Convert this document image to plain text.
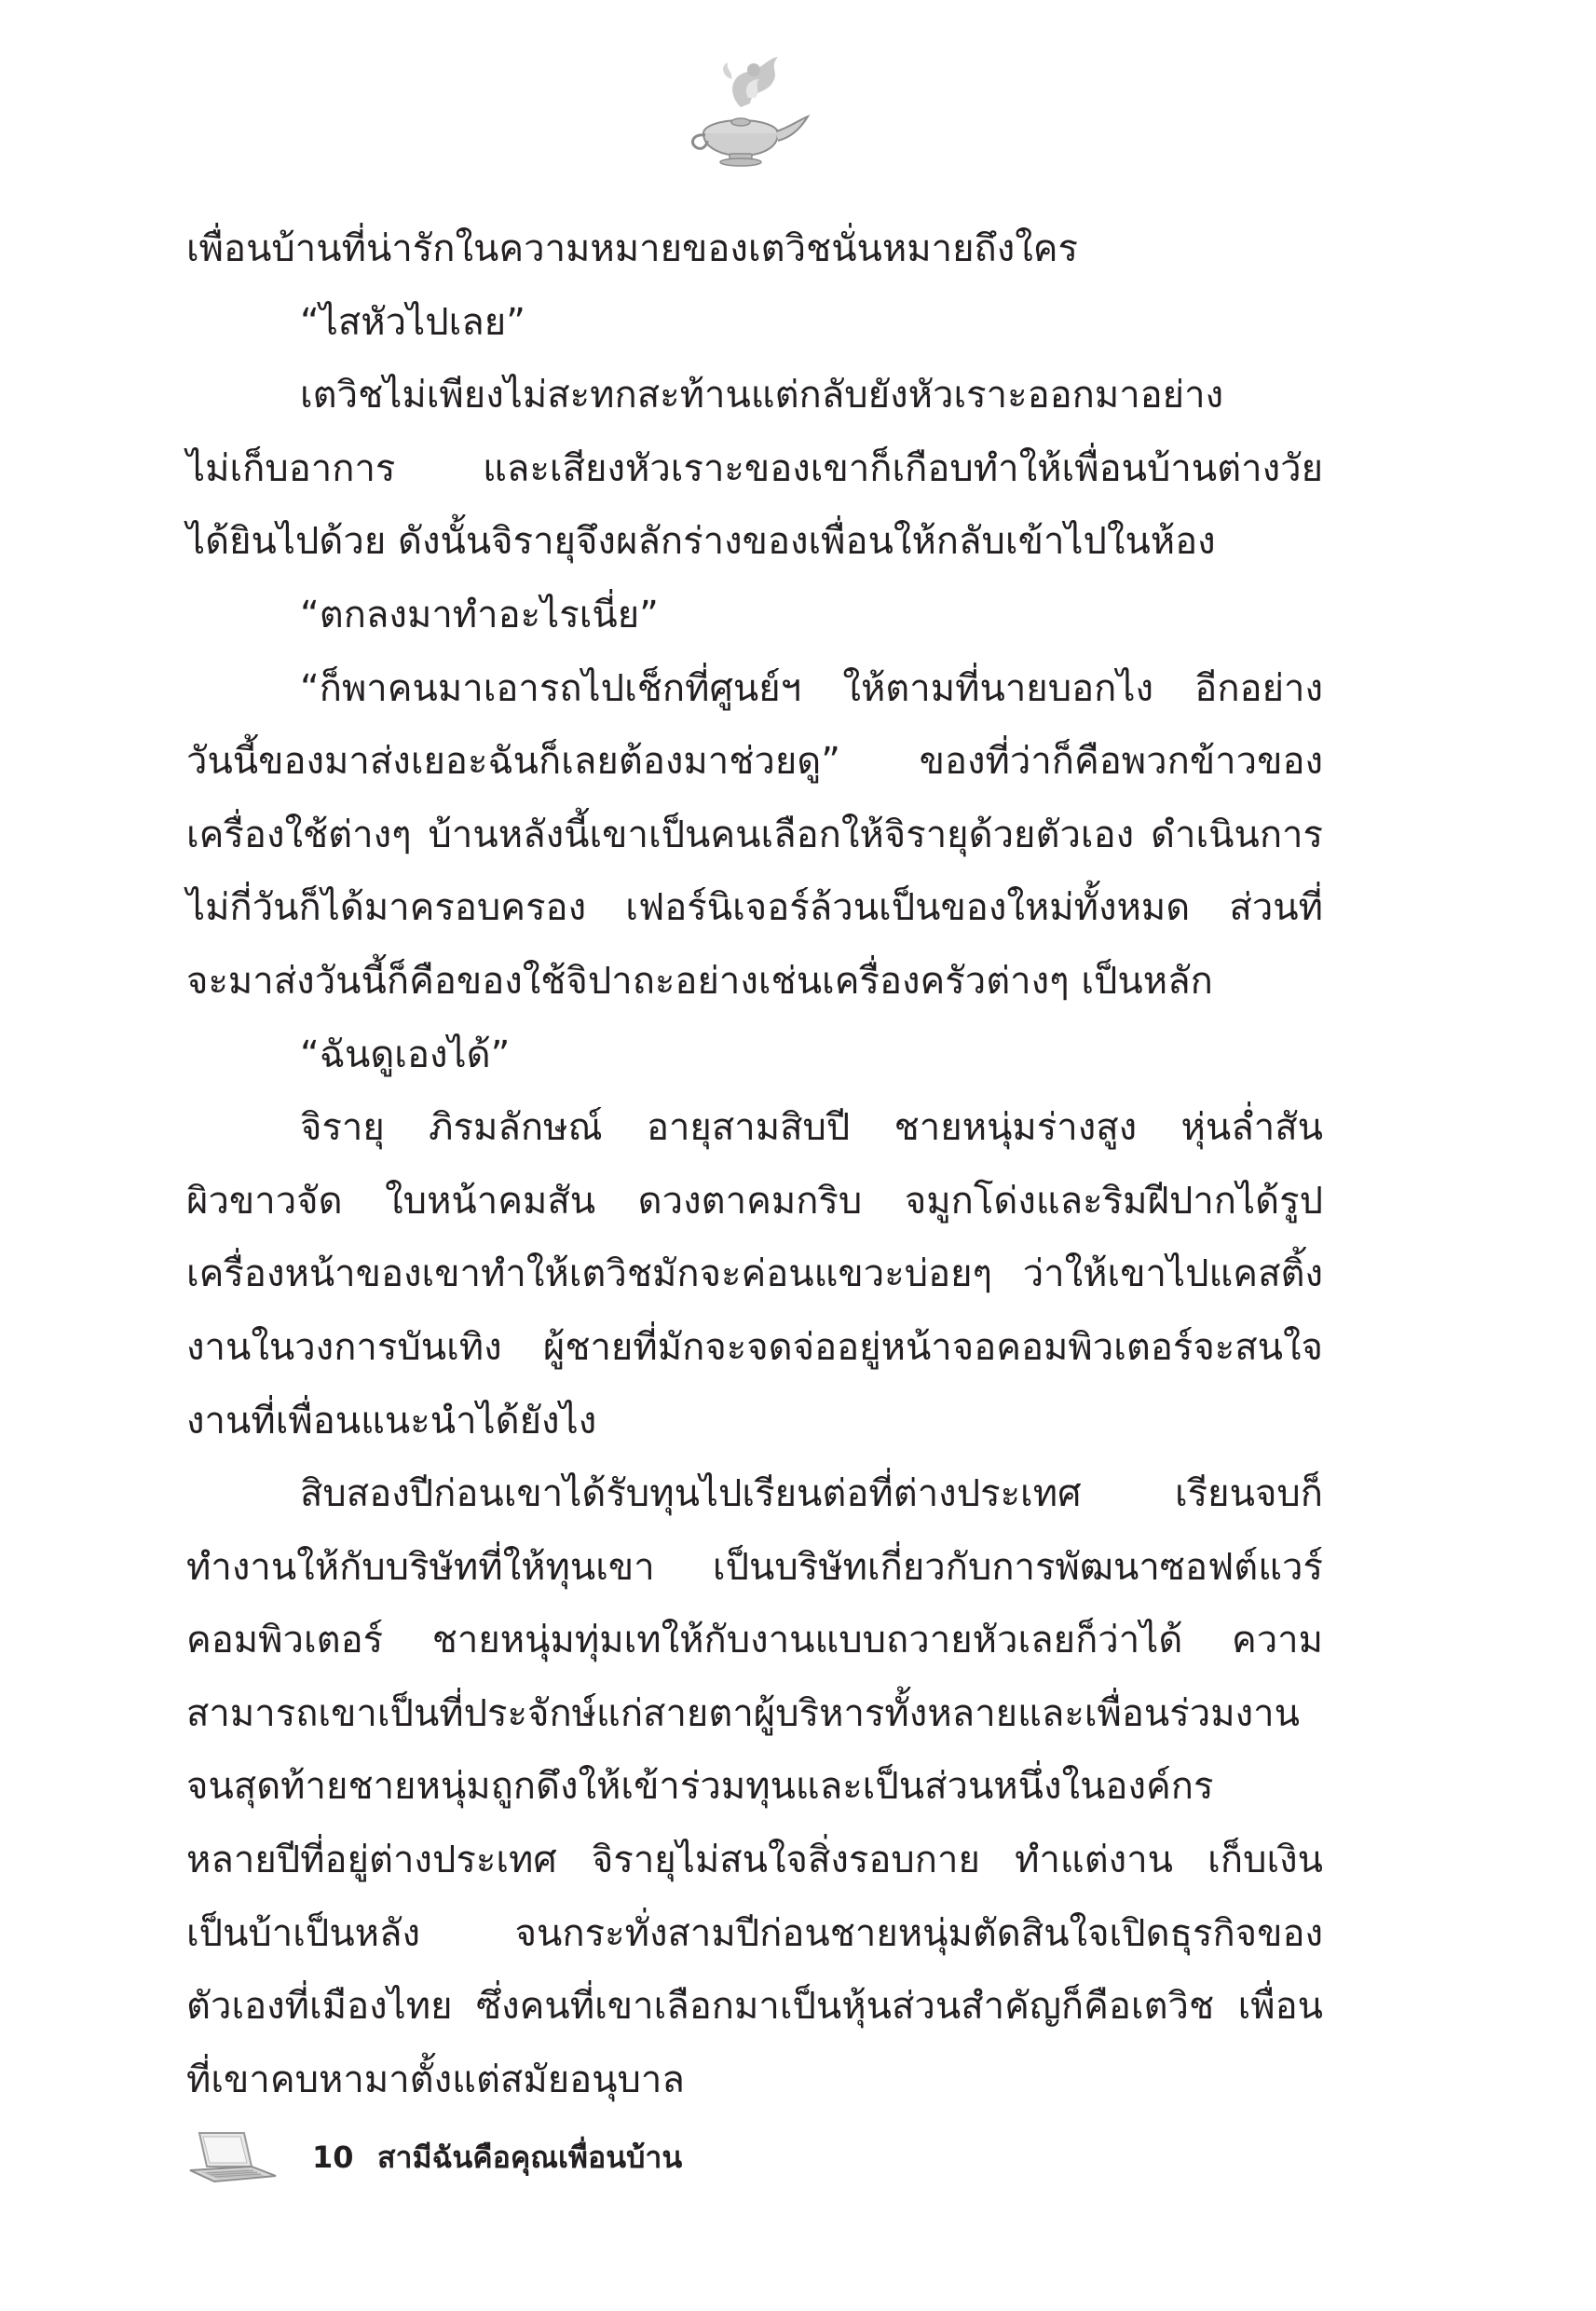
เพื่อนบ้านที่น่ารักในความหมายของเตวิชนั่นหมายถึงใคร
“ไสหัวไปเลย”
เตวิชไม่เพียงไม่สะทกสะท้านแต่กลับยังหัวเราะออกมาอย่าง
ไม่เก็บอาการ และเสียงหัวเราะของเขาก็เกือบทำให้เพื่อนบ้านต่างวัย
ได้ยินไปด้วย ดังนั้นจิรายุจึงผลักร่างของเพื่อนให้กลับเข้าไปในห้อง
“ตกลงมาทำอะไรเนี่ย”
“ก็พาคนมาเอารถไปเช็กที่ศูนย์ฯ ให้ตามที่นายบอกไง อีกอย่าง
วันนี้ของมาส่งเยอะฉันก็เลยต้องมาช่วยดู” ของที่ว่าก็คือพวกข้าวของ
เครื่องใช้ต่างๆ บ้านหลังนี้เขาเป็นคนเลือกให้จิรายุด้วยตัวเอง ดำเนินการ
ไม่กี่วันก็ได้มาครอบครอง เฟอร์นิเจอร์ล้วนเป็นของใหม่ทั้งหมด ส่วนที่
จะมาส่งวันนี้ก็คือของใช้จิปาถะอย่างเช่นเครื่องครัวต่างๆ เป็นหลัก
“ฉันดูเองได้”
จิรายุ ภิรมลักษณ์ อายุสามสิบปี ชายหนุ่มร่างสูง หุ่นล่ำสัน
ผิวขาวจัด ใบหน้าคมสัน ดวงตาคมกริบ จมูกโด่งและริมฝีปากได้รูป
เครื่องหน้าของเขาทำให้เตวิชมักจะค่อนแขวะบ่อยๆ ว่าให้เขาไปแคสติ้ง
งานในวงการบันเทิง ผู้ชายที่มักจะจดจ่ออยู่หน้าจอคอมพิวเตอร์จะสนใจ
งานที่เพื่อนแนะนำได้ยังไง
สิบสองปีก่อนเขาได้รับทุนไปเรียนต่อที่ต่างประเทศ เรียนจบก็
ทำงานให้กับบริษัทที่ให้ทุนเขา เป็นบริษัทเกี่ยวกับการพัฒนาซอฟต์แวร์
คอมพิวเตอร์ ชายหนุ่มทุ่มเทให้กับงานแบบถวายหัวเลยก็ว่าได้ ความ
สามารถเขาเป็นที่ประจักษ์แก่สายตาผู้บริหารทั้งหลายและเพื่อนร่วมงาน
จนสุดท้ายชายหนุ่มถูกดึงให้เข้าร่วมทุนและเป็นส่วนหนึ่งในองค์กร
หลายปีที่อยู่ต่างประเทศ จิรายุไม่สนใจสิ่งรอบกาย ทำแต่งาน เก็บเงิน
เป็นบ้าเป็นหลัง จนกระทั่งสามปีก่อนชายหนุ่มตัดสินใจเปิดธุรกิจของ
ตัวเองที่เมืองไทย ซึ่งคนที่เขาเลือกมาเป็นหุ้นส่วนสำคัญก็คือเตวิช เพื่อน
ที่เขาคบหามาตั้งแต่สมัยอนุบาล
10 สามีฉันคือคุณเพื่อนบ้าน
